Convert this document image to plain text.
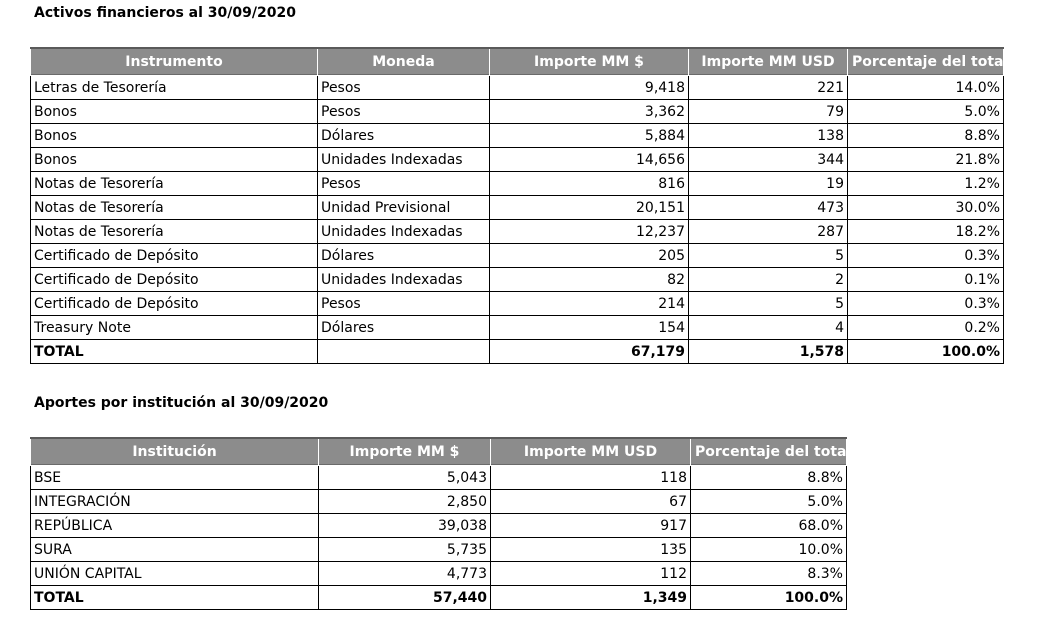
Activos financieros al 30/09/2020
Instrumento	Moneda	Importe MM $	Importe MM USD	Porcentaje del total
Letras de Tesorería	Pesos	9,418	221	14.0%
Bonos	Pesos	3,362	79	5.0%
Bonos	Dólares	5,884	138	8.8%
Bonos	Unidades Indexadas	14,656	344	21.8%
Notas de Tesorería	Pesos	816	19	1.2%
Notas de Tesorería	Unidad Previsional	20,151	473	30.0%
Notas de Tesorería	Unidades Indexadas	12,237	287	18.2%
Certificado de Depósito	Dólares	205	5	0.3%
Certificado de Depósito	Unidades Indexadas	82	2	0.1%
Certificado de Depósito	Pesos	214	5	0.3%
Treasury Note	Dólares	154	4	0.2%
TOTAL		67,179	1,578	100.0%
Aportes por institución al 30/09/2020
Institución	Importe MM $	Importe MM USD	Porcentaje del total
BSE	5,043	118	8.8%
INTEGRACIÓN	2,850	67	5.0%
REPÚBLICA	39,038	917	68.0%
SURA	5,735	135	10.0%
UNIÓN CAPITAL	4,773	112	8.3%
TOTAL	57,440	1,349	100.0%
